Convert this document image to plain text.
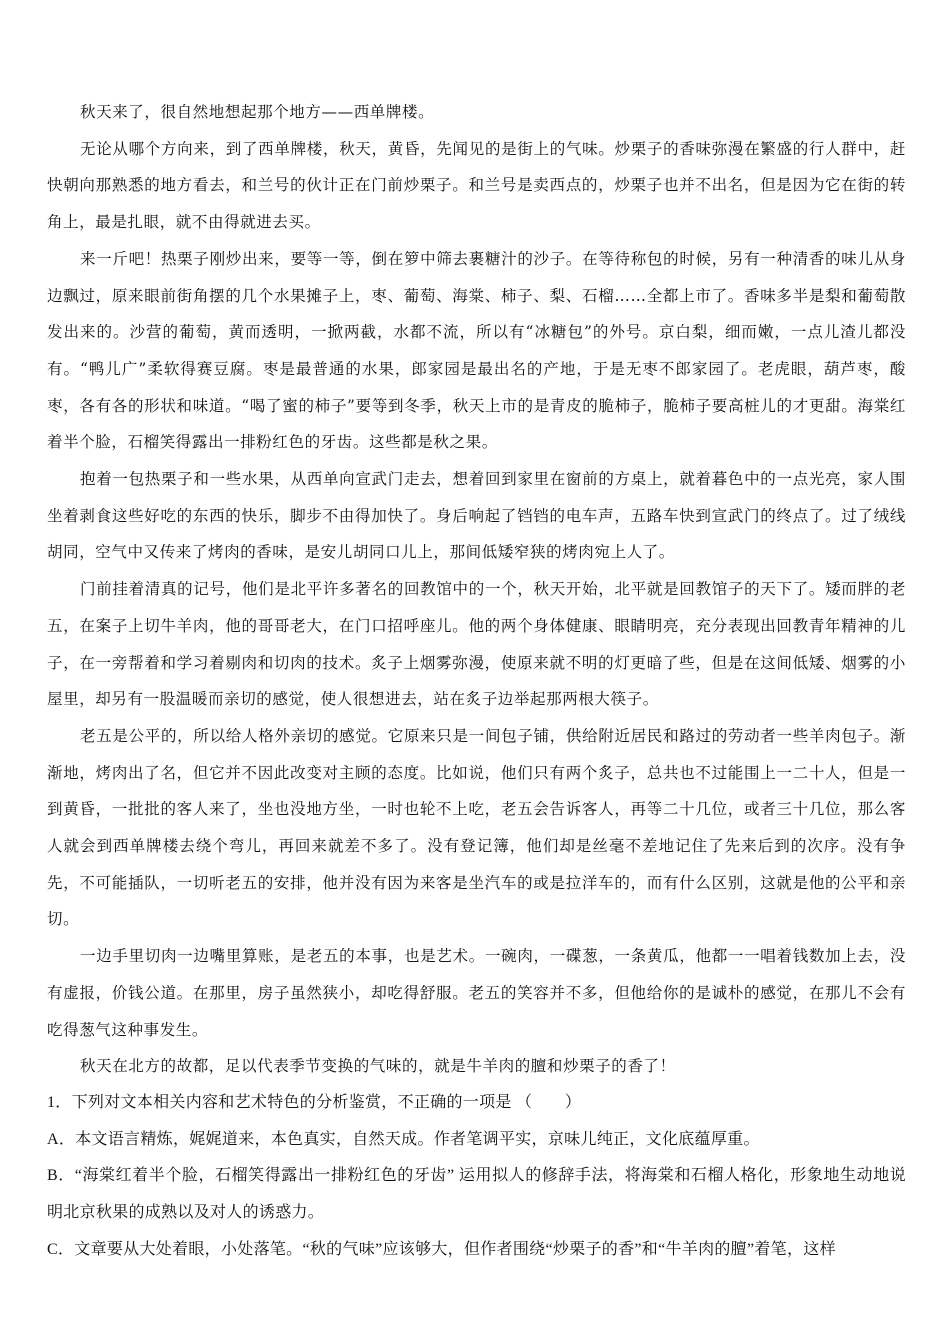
秋天来了，很自然地想起那个地方——西单牌楼。

无论从哪个方向来，到了西单牌楼，秋天，黄昏，先闻见的是街上的气味。炒栗子的香味弥漫在繁盛的行人群中，赶快朝向那熟悉的地方看去，和兰号的伙计正在门前炒栗子。和兰号是卖西点的，炒栗子也并不出名，但是因为它在街的转角上，最是扎眼，就不由得就进去买。

来一斤吧！热栗子刚炒出来，要等一等，倒在箩中筛去裹糖汁的沙子。在等待称包的时候，另有一种清香的味儿从身边飘过，原来眼前街角摆的几个水果摊子上，枣、葡萄、海棠、柿子、梨、石榴……全都上市了。香味多半是梨和葡萄散发出来的。沙营的葡萄，黄而透明，一掀两截，水都不流，所以有“冰糖包”的外号。京白梨，细而嫩，一点儿渣儿都没有。“鸭儿广”柔软得赛豆腐。枣是最普通的水果，郎家园是最出名的产地，于是无枣不郎家园了。老虎眼，葫芦枣，酸枣，各有各的形状和味道。“喝了蜜的柿子”要等到冬季，秋天上市的是青皮的脆柿子，脆柿子要高桩儿的才更甜。海棠红着半个脸，石榴笑得露出一排粉红色的牙齿。这些都是秋之果。

抱着一包热栗子和一些水果，从西单向宣武门走去，想着回到家里在窗前的方桌上，就着暮色中的一点光亮，家人围坐着剥食这些好吃的东西的快乐，脚步不由得加快了。身后响起了铛铛的电车声，五路车快到宣武门的终点了。过了绒线胡同，空气中又传来了烤肉的香味，是安儿胡同口儿上，那间低矮窄狭的烤肉宛上人了。

门前挂着清真的记号，他们是北平许多著名的回教馆中的一个，秋天开始，北平就是回教馆子的天下了。矮而胖的老五，在案子上切牛羊肉，他的哥哥老大，在门口招呼座儿。他的两个身体健康、眼睛明亮，充分表现出回教青年精神的儿子，在一旁帮着和学习着剔肉和切肉的技术。炙子上烟雾弥漫，使原来就不明的灯更暗了些，但是在这间低矮、烟雾的小屋里，却另有一股温暖而亲切的感觉，使人很想进去，站在炙子边举起那两根大筷子。

老五是公平的，所以给人格外亲切的感觉。它原来只是一间包子铺，供给附近居民和路过的劳动者一些羊肉包子。渐渐地，烤肉出了名，但它并不因此改变对主顾的态度。比如说，他们只有两个炙子，总共也不过能围上一二十人，但是一到黄昏，一批批的客人来了，坐也没地方坐，一时也轮不上吃，老五会告诉客人，再等二十几位，或者三十几位，那么客人就会到西单牌楼去绕个弯儿，再回来就差不多了。没有登记簿，他们却是丝毫不差地记住了先来后到的次序。没有争先，不可能插队，一切听老五的安排，他并没有因为来客是坐汽车的或是拉洋车的，而有什么区别，这就是他的公平和亲切。

一边手里切肉一边嘴里算账，是老五的本事，也是艺术。一碗肉，一碟葱，一条黄瓜，他都一一唱着钱数加上去，没有虚报，价钱公道。在那里，房子虽然狭小，却吃得舒服。老五的笑容并不多，但他给你的是诚朴的感觉，在那儿不会有吃得葱气这种事发生。

秋天在北方的故都，足以代表季节变换的气味的，就是牛羊肉的膻和炒栗子的香了！

1．下列对文本相关内容和艺术特色的分析鉴赏，不正确的一项是 （　　）

A．本文语言精炼，娓娓道来，本色真实，自然天成。作者笔调平实，京味儿纯正，文化底蕴厚重。

B．“海棠红着半个脸，石榴笑得露出一排粉红色的牙齿” 运用拟人的修辞手法，将海棠和石榴人格化，形象地生动地说明北京秋果的成熟以及对人的诱惑力。

C．文章要从大处着眼，小处落笔。“秋的气味”应该够大，但作者围绕“炒栗子的香”和“牛羊肉的膻”着笔，这样
